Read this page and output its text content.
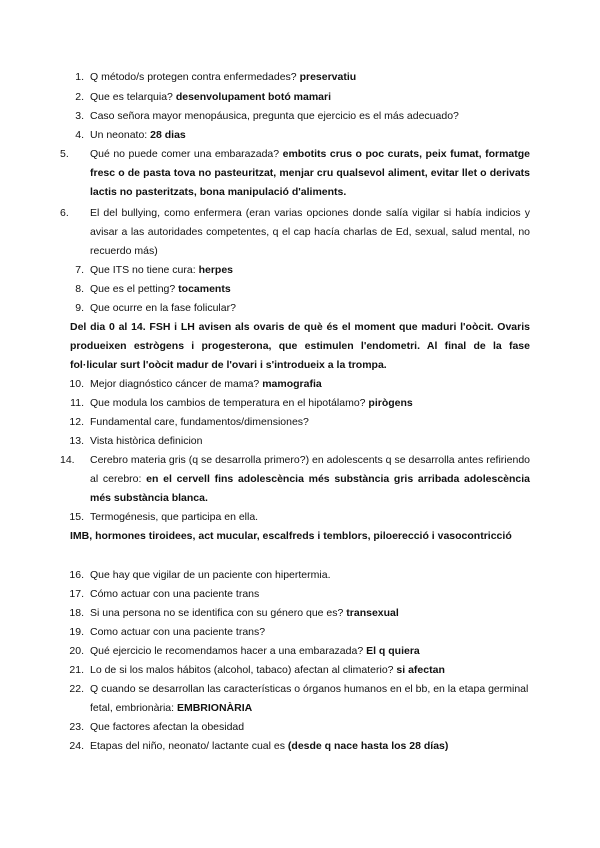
1. Q método/s protegen contra enfermedades? preservatiu
2. Que es telarquia? desenvolupament botó mamari
3. Caso señora mayor menopáusica, pregunta que ejercicio es el más adecuado?
4. Un neonato: 28 dias
5.	Qué no puede comer una embarazada? embotits crus o poc curats, peix fumat, formatge fresc o de pasta tova no pasteuritzat, menjar cru qualsevol aliment, evitar llet o derivats lactis no pasteritzats, bona manipulació d'aliments.
6.	El del bullying, como enfermera (eran varias opciones donde salía vigilar si había indicios y avisar a las autoridades competentes, q el cap hacía charlas de Ed, sexual, salud mental, no recuerdo más)
7. Que ITS no tiene cura: herpes
8. Que es el petting? tocaments
9. Que ocurre en la fase folicular?
Del dia 0 al 14. FSH i LH avisen als ovaris de què és el moment que maduri l'oòcit. Ovaris produeixen estrògens i progesterona, que estimulen l'endometri. Al final de la fase fol·licular surt l'oòcit madur de l'ovari i s'introdueix a la trompa.
10. Mejor diagnóstico cáncer de mama? mamografia
11. Que modula los cambios de temperatura en el hipotálamo? pirògens
12. Fundamental care, fundamentos/dimensiones?
13. Vista històrica definicion
14.	Cerebro materia gris (q se desarrolla primero?) en adolescents q se desarrolla antes refiriendo al cerebro: en el cervell fins adolescència més substància gris arribada adolescència més substància blanca.
15. Termogénesis, que participa en ella.
IMB, hormones tiroidees, act mucular, escalfreds i temblors, piloerecció i vasocontricció
16. Que hay que vigilar de un paciente con hipertermia.
17. Cómo actuar con una paciente trans
18. Si una persona no se identifica con su género que es? transexual
19. Como actuar con una paciente trans?
20. Qué ejercicio le recomendamos hacer a una embarazada? El q quiera
21. Lo de si los malos hábitos (alcohol, tabaco) afectan al climaterio? si afectan
22. Q cuando se desarrollan las características o órganos humanos en el bb, en la etapa germinal fetal, embrionària: EMBRIONÀRIA
23. Que factores afectan la obesidad
24. Etapas del niño, neonato/ lactante cual es (desde q nace hasta los 28 días)
